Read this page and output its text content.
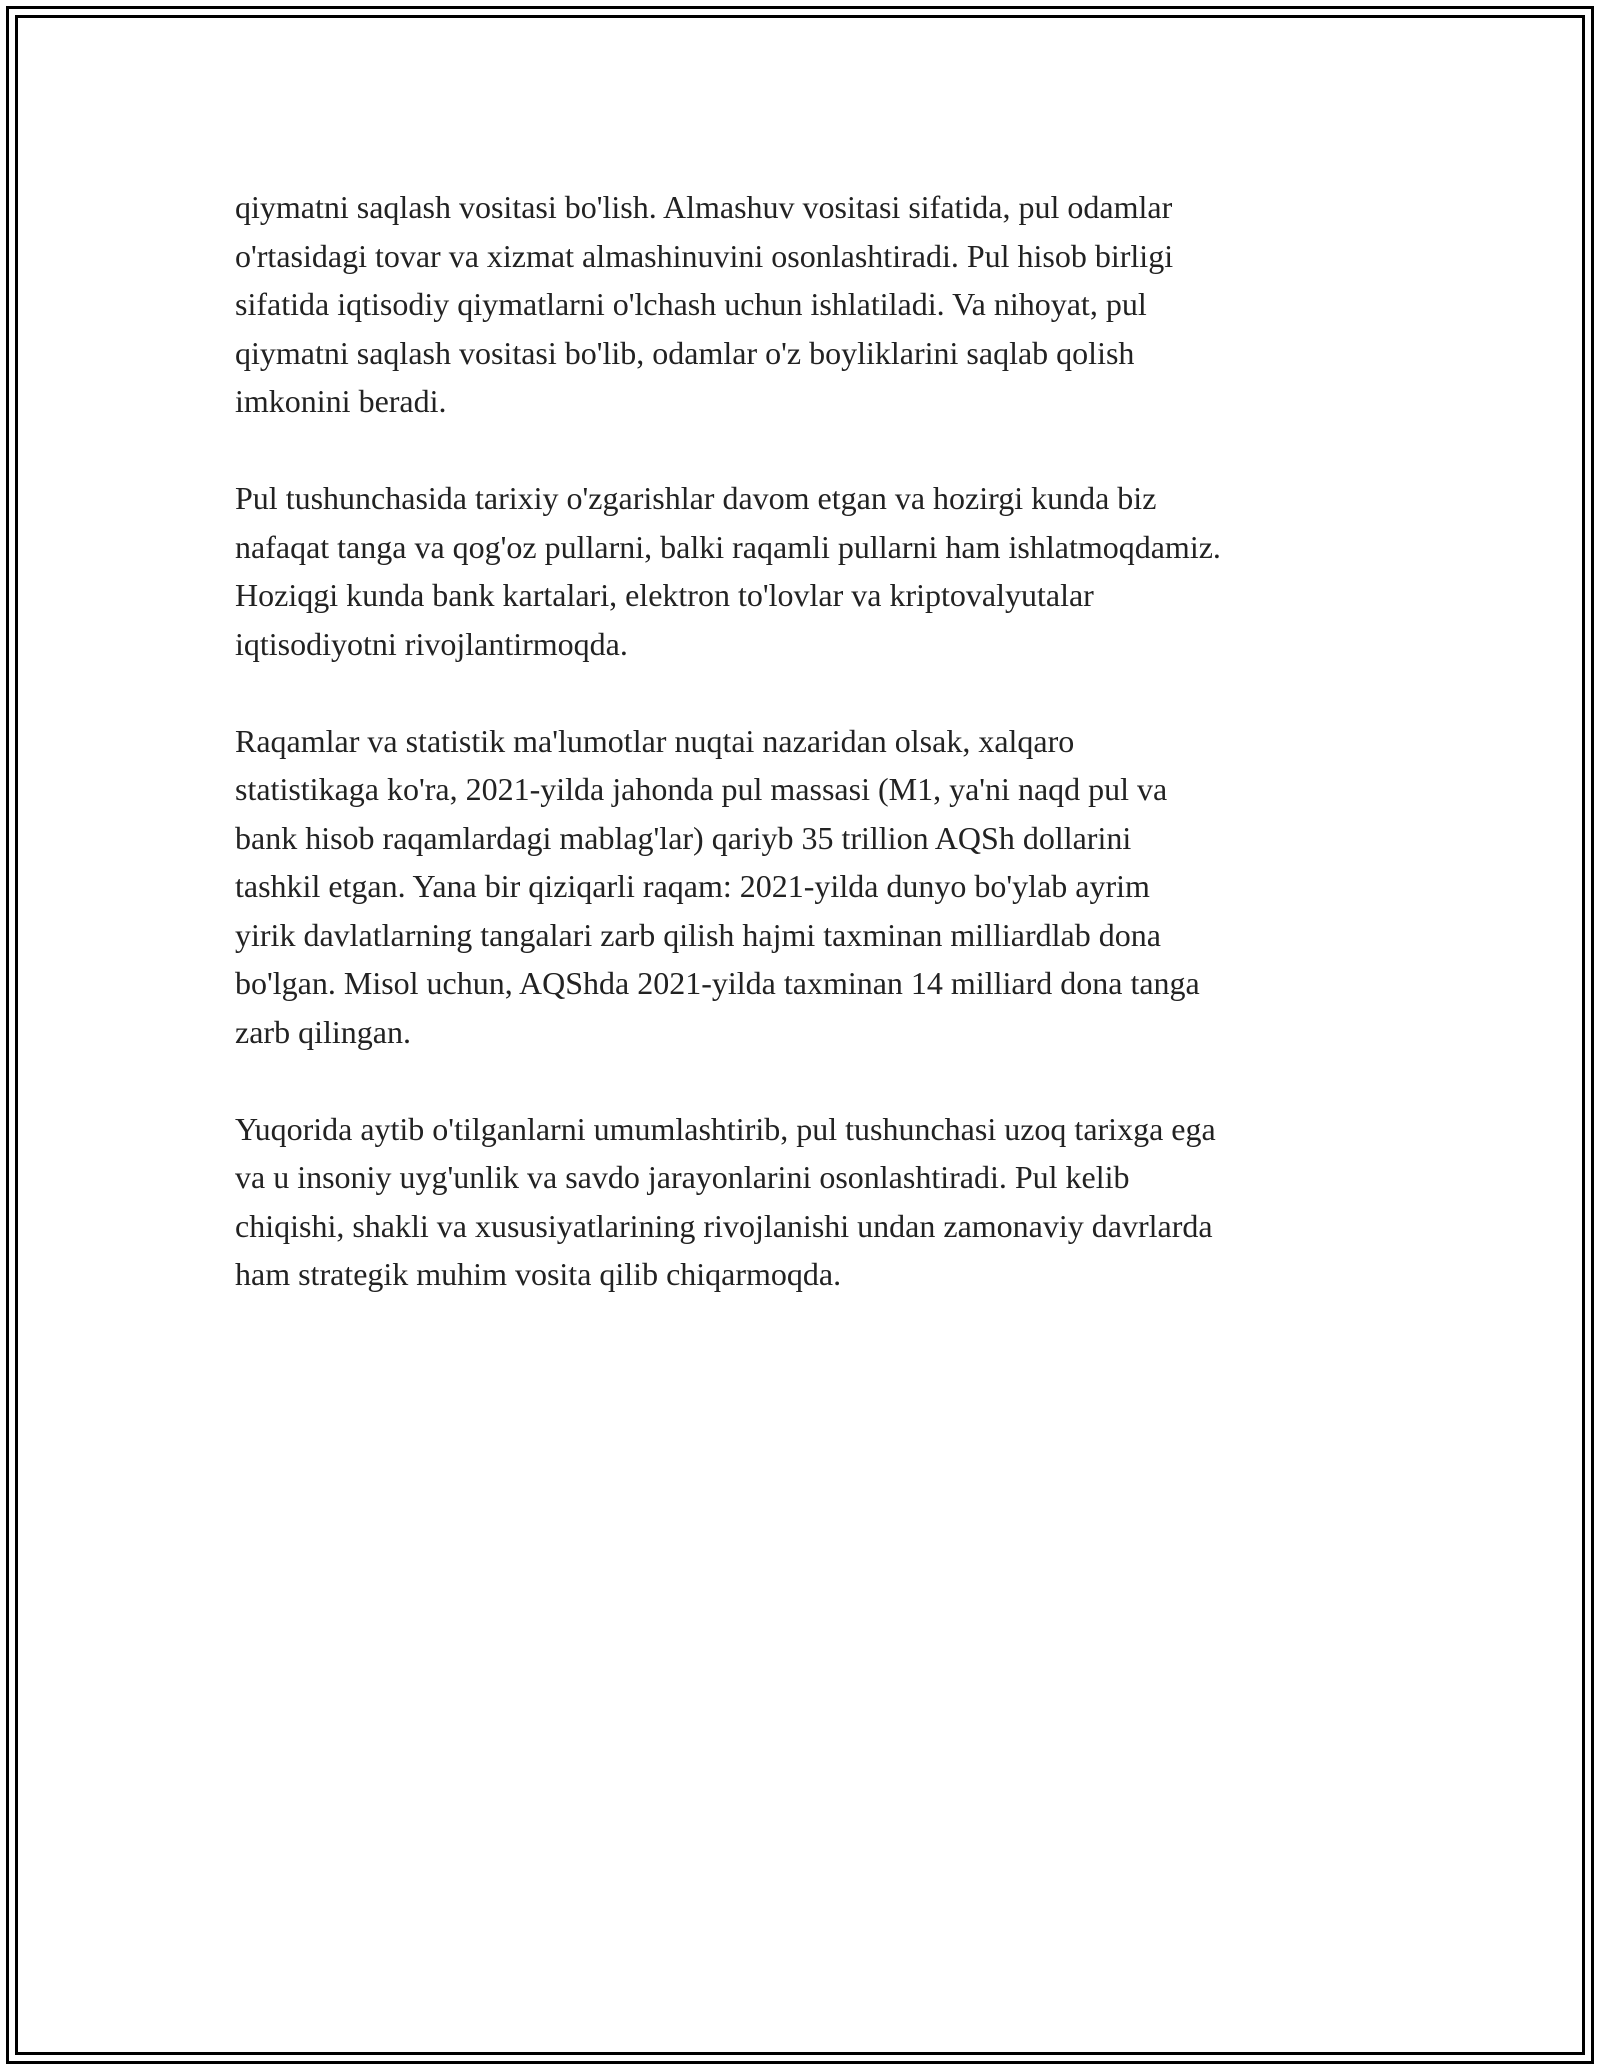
qiymatni saqlash vositasi bo'lish. Almashuv vositasi sifatida, pul odamlar
o'rtasidagi tovar va xizmat almashinuvini osonlashtiradi. Pul hisob birligi
sifatida iqtisodiy qiymatlarni o'lchash uchun ishlatiladi. Va nihoyat, pul
qiymatni saqlash vositasi bo'lib, odamlar o'z boyliklarini saqlab qolish
imkonini beradi.

Pul tushunchasida tarixiy o'zgarishlar davom etgan va hozirgi kunda biz
nafaqat tanga va qog'oz pullarni, balki raqamli pullarni ham ishlatmoqdamiz.
Hoziqgi kunda bank kartalari, elektron to'lovlar va kriptovalyutalar
iqtisodiyotni rivojlantirmoqda.

Raqamlar va statistik ma'lumotlar nuqtai nazaridan olsak, xalqaro
statistikaga ko'ra, 2021-yilda jahonda pul massasi (M1, ya'ni naqd pul va
bank hisob raqamlardagi mablag'lar) qariyb 35 trillion AQSh dollarini
tashkil etgan. Yana bir qiziqarli raqam: 2021-yilda dunyo bo'ylab ayrim
yirik davlatlarning tangalari zarb qilish hajmi taxminan milliardlab dona
bo'lgan. Misol uchun, AQShda 2021-yilda taxminan 14 milliard dona tanga
zarb qilingan.

Yuqorida aytib o'tilganlarni umumlashtirib, pul tushunchasi uzoq tarixga ega
va u insoniy uyg'unlik va savdo jarayonlarini osonlashtiradi. Pul kelib
chiqishi, shakli va xususiyatlarining rivojlanishi undan zamonaviy davrlarda
ham strategik muhim vosita qilib chiqarmoqda.
